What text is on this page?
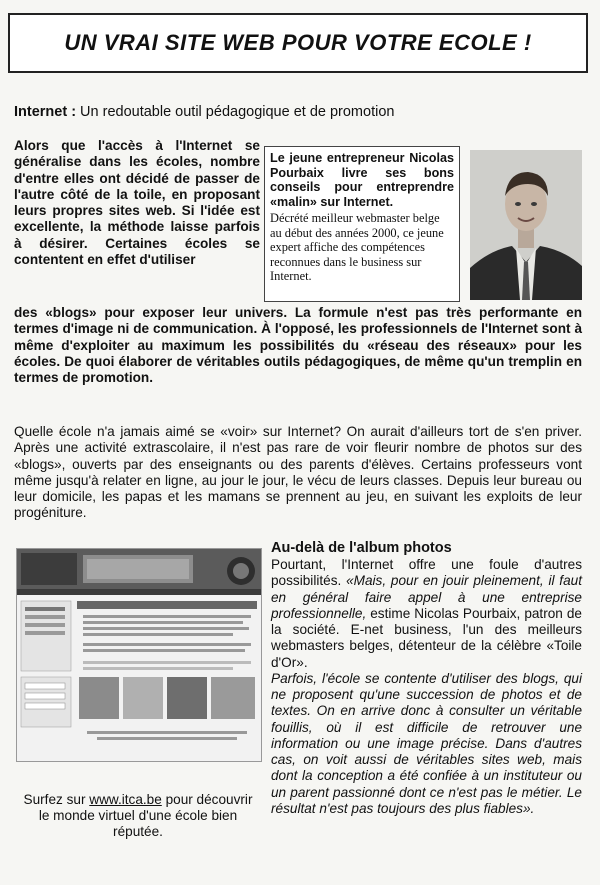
UN VRAI SITE WEB POUR VOTRE ECOLE !
Internet : Un redoutable outil pédagogique et de promotion
Alors que l'accès à l'Internet se généralise dans les écoles, nombre d'entre elles ont décidé de passer de l'autre côté de la toile, en proposant leurs propres sites web. Si l'idée est excellente, la méthode laisse parfois à désirer. Certaines écoles se contentent en effet d'utiliser
Le jeune entrepreneur Nicolas Pourbaix livre ses bons conseils pour entreprendre «malin» sur Internet.
Décrété meilleur webmaster belge au début des années 2000, ce jeune expert affiche des compétences reconnues dans le business sur Internet.
des «blogs» pour exposer leur univers. La formule n'est pas très performante en termes d'image ni de communication. À l'opposé, les professionnels de l'Internet sont à même d'exploiter au maximum les possibilités du «réseau des réseaux» pour les écoles. De quoi élaborer de véritables outils pédagogiques, de même qu'un tremplin en termes de promotion.
Quelle école n'a jamais aimé se «voir» sur Internet? On aurait d'ailleurs tort de s'en priver. Après une activité extrascolaire, il n'est pas rare de voir fleurir nombre de photos sur des «blogs», ouverts par des enseignants ou des parents d'élèves. Certains professeurs vont même jusqu'à relater en ligne, au jour le jour, le vécu de leurs classes. Depuis leur bureau ou leur domicile, les papas et les mamans se prennent au jeu, en suivant les exploits de leur progéniture.
Surfez sur www.itca.be pour découvrir le monde virtuel d'une école bien réputée.
Au-delà de l'album photos

Pourtant, l'Internet offre une foule d'autres possibilités. «Mais, pour en jouir pleinement, il faut en général faire appel à une entreprise professionnelle, estime Nicolas Pourbaix, patron de la société. E-net business, l'un des meilleurs webmasters belges, détenteur de la célèbre «Toile d'Or».

Parfois, l'école se contente d'utiliser des blogs, qui ne proposent qu'une succession de photos et de textes. On en arrive donc à consulter un véritable fouillis, où il est difficile de retrouver une information ou une image précise. Dans d'autres cas, on voit aussi de véritables sites web, mais dont la conception a été confiée à un instituteur ou un parent passionné dont ce n'est pas le métier. Le résultat n'est pas toujours des plus fiables».
